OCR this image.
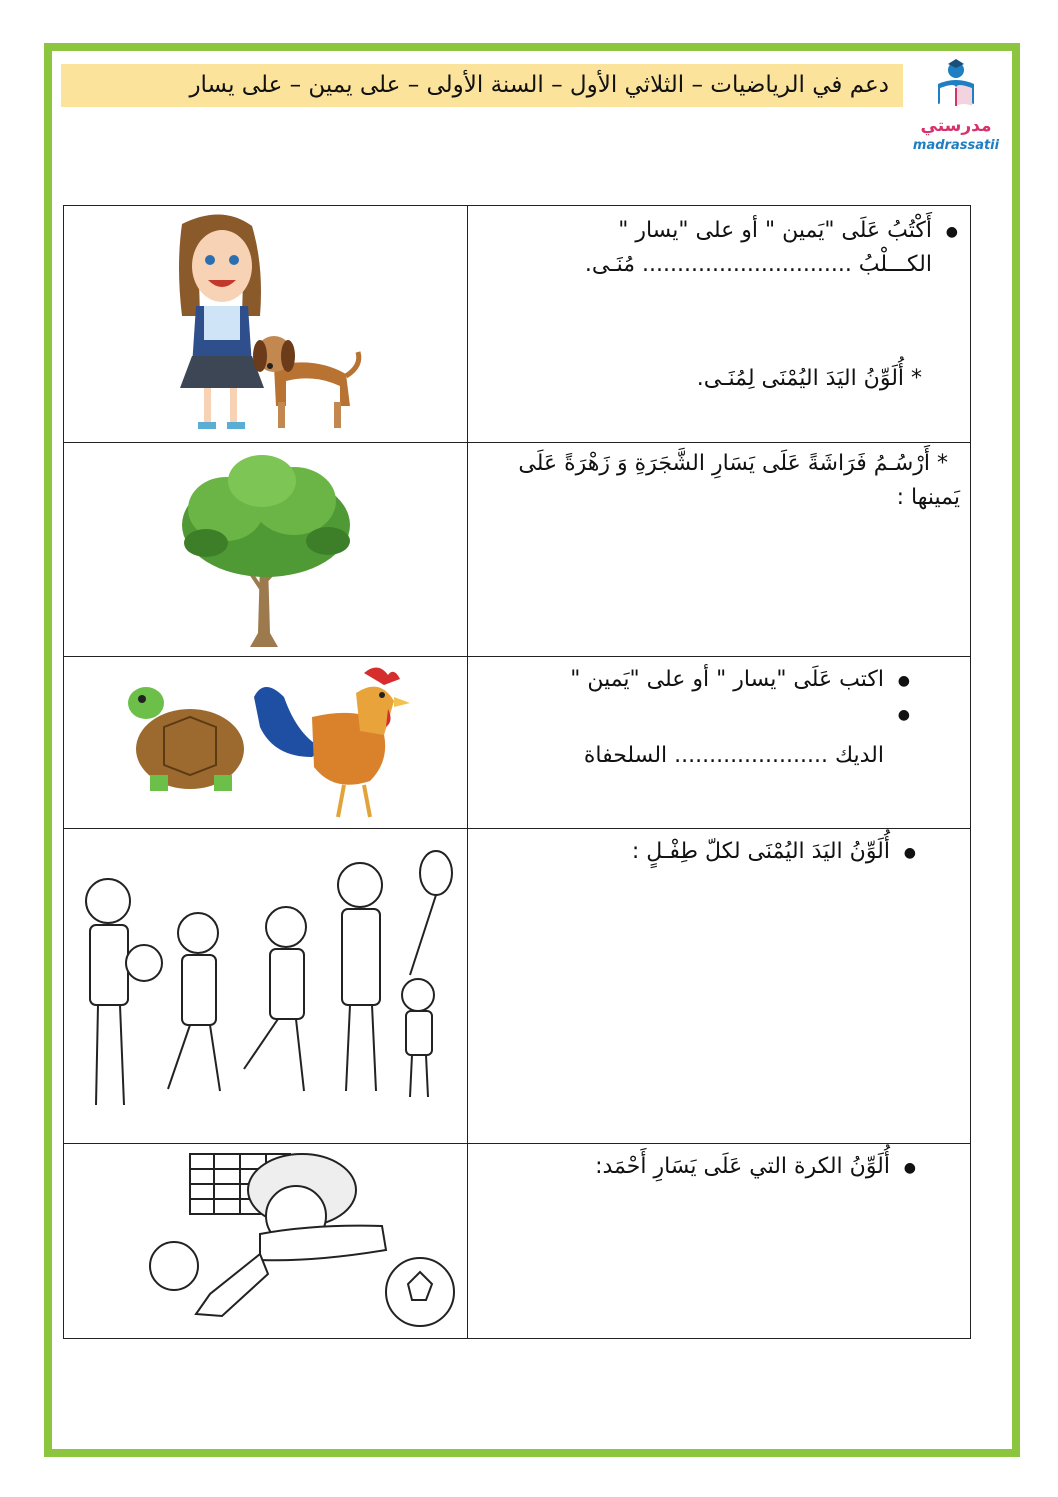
دعم في الرياضيات – الثلاثي الأول – السنة الأولى – على يمين – على يسار
مدرستي
madrassatii

● أَكْتُبُ عَلَى "يَمين " أو على "يسار "
الكـــلْبُ .............................. مُنَـى.
* أُلَوِّنُ اليَدَ اليُمْنَى لِمُنَـى.

* أَرْسُـمُ فَرَاشَةً عَلَى يَسَارِ الشَّجَرَةِ وَ زَهْرَةً عَلَى
يَمينها :

● اكتب عَلَى "يسار " أو على "يَمين "
الديك ...................... السلحفاة

● أُلَوِّنُ اليَدَ اليُمْنَى لكلّ طِفْـلٍ :

● أُلَوِّنُ الكرة التي عَلَى يَسَارِ أَحْمَد:
